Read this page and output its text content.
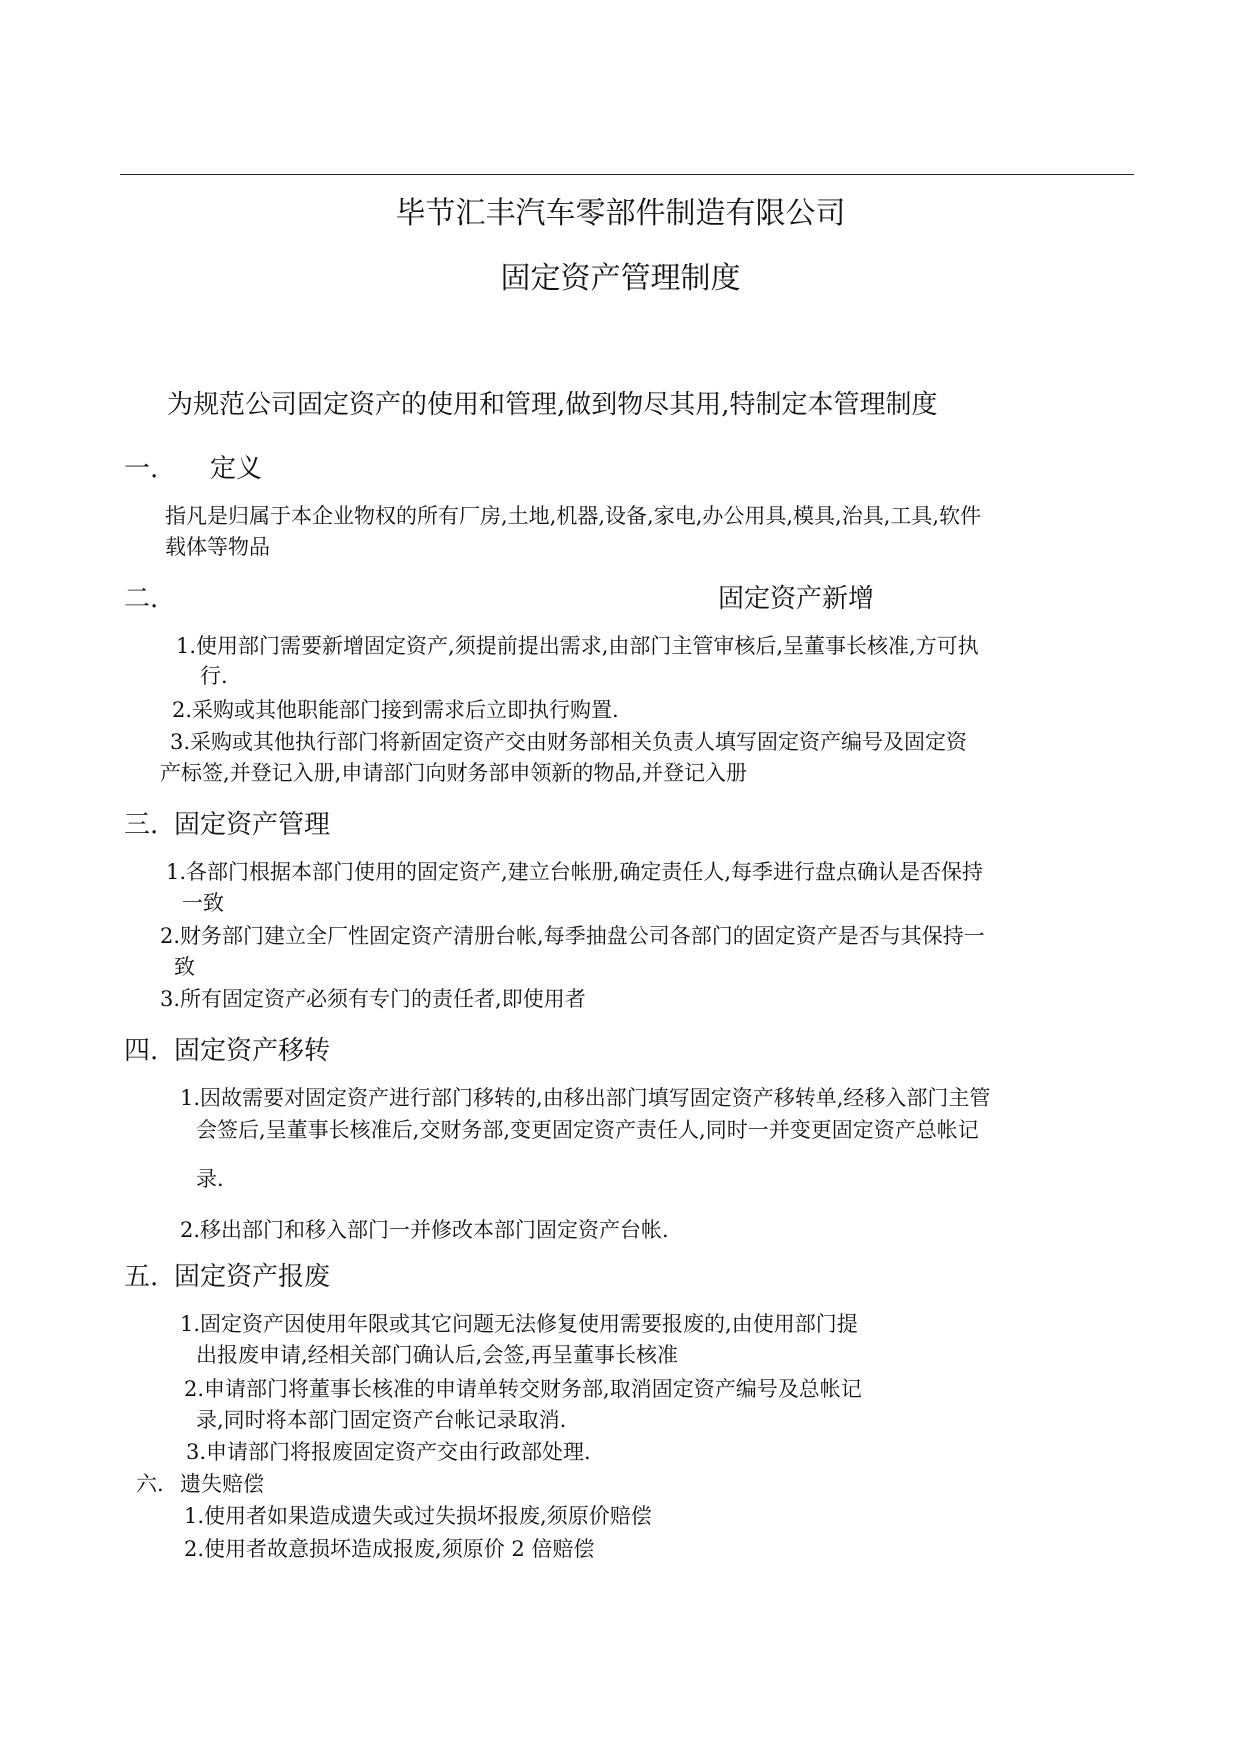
毕节汇丰汽车零部件制造有限公司
固定资产管理制度
为规范公司固定资产的使用和管理,做到物尽其用,特制定本管理制度
一. 定义
指凡是归属于本企业物权的所有厂房,土地,机器,设备,家电,办公用具,模具,治具,工具,软件
载体等物品
二.	固定资产新增
1.使用部门需要新增固定资产,须提前提出需求,由部门主管审核后,呈董事长核准,方可执
行.
2.采购或其他职能部门接到需求后立即执行购置.
3.采购或其他执行部门将新固定资产交由财务部相关负责人填写固定资产编号及固定资
产标签,并登记入册,申请部门向财务部申领新的物品,并登记入册
三. 固定资产管理
1.各部门根据本部门使用的固定资产,建立台帐册,确定责任人,每季进行盘点确认是否保持
一致
2.财务部门建立全厂性固定资产清册台帐,每季抽盘公司各部门的固定资产是否与其保持一
致
3.所有固定资产必须有专门的责任者,即使用者
四. 固定资产移转
1.因故需要对固定资产进行部门移转的,由移出部门填写固定资产移转单,经移入部门主管
会签后,呈董事长核准后,交财务部,变更固定资产责任人,同时一并变更固定资产总帐记
录.
2.移出部门和移入部门一并修改本部门固定资产台帐.
五. 固定资产报废
1.固定资产因使用年限或其它问题无法修复使用需要报废的,由使用部门提
出报废申请,经相关部门确认后,会签,再呈董事长核准
2.申请部门将董事长核准的申请单转交财务部,取消固定资产编号及总帐记
录,同时将本部门固定资产台帐记录取消.
3.申请部门将报废固定资产交由行政部处理.
六. 遗失赔偿
1.使用者如果造成遗失或过失损坏报废,须原价赔偿
2.使用者故意损坏造成报废,须原价 2 倍赔偿
